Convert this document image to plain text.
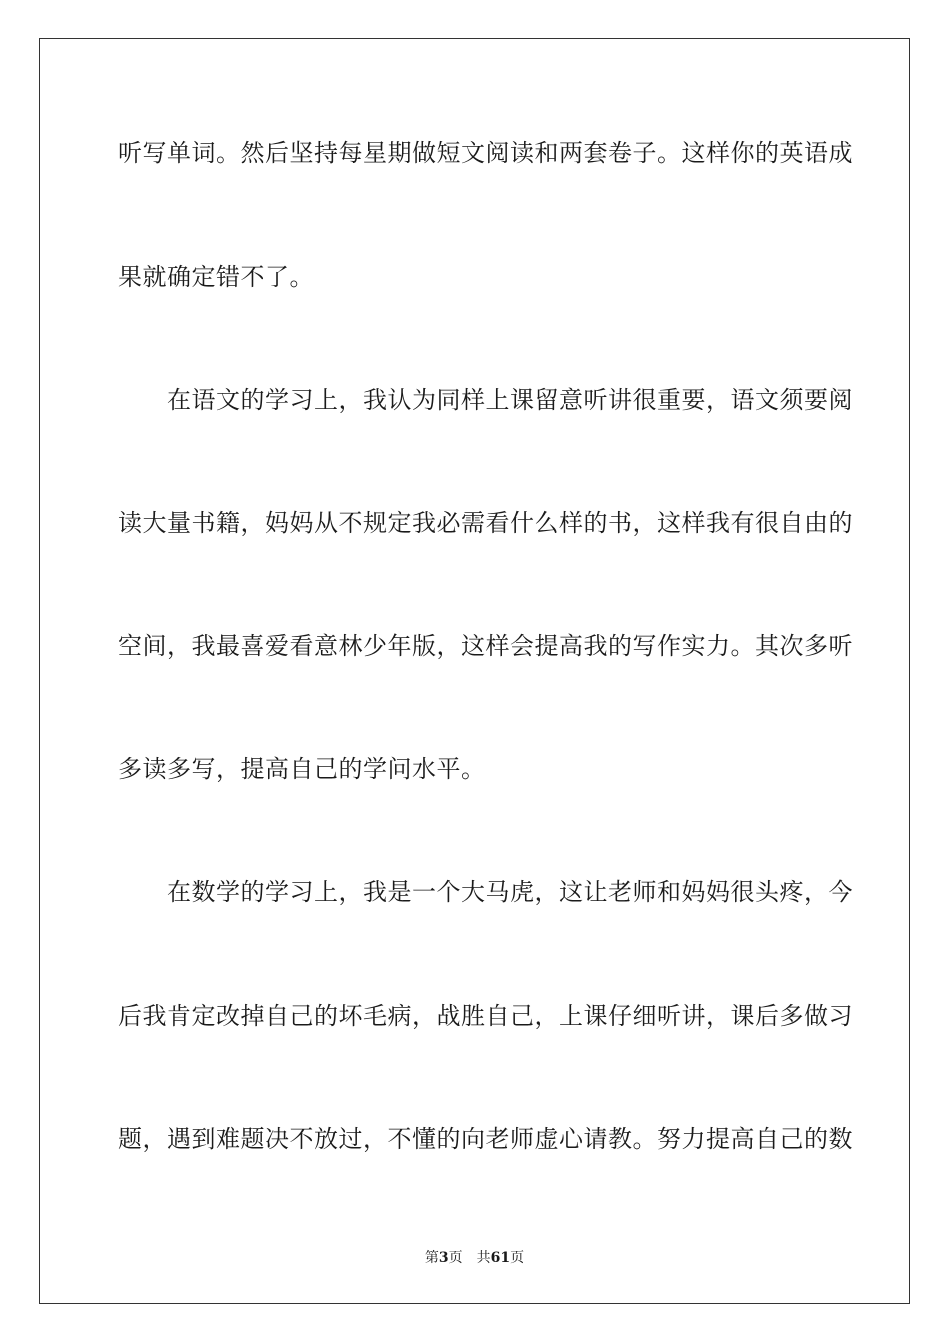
听写单词。然后坚持每星期做短文阅读和两套卷子。这样你的英语成
果就确定错不了。
　　在语文的学习上，我认为同样上课留意听讲很重要，语文须要阅
读大量书籍，妈妈从不规定我必需看什么样的书，这样我有很自由的
空间，我最喜爱看意林少年版，这样会提高我的写作实力。其次多听
多读多写，提高自己的学问水平。
　　在数学的学习上，我是一个大马虎，这让老师和妈妈很头疼，今
后我肯定改掉自己的坏毛病，战胜自己，上课仔细听讲，课后多做习
题，遇到难题决不放过，不懂的向老师虚心请教。努力提高自己的数
第3页 共61页
